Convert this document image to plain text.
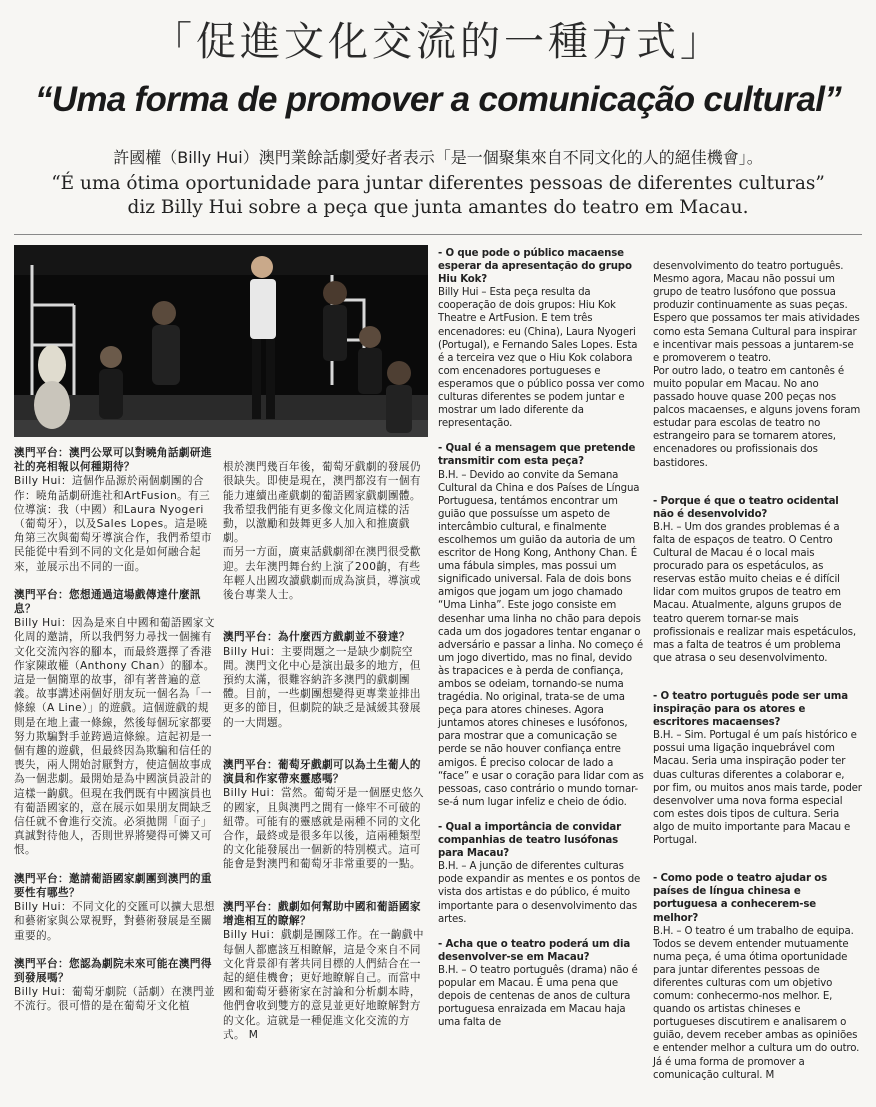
「促進文化交流的一種方式」
“Uma forma de promover a comunicação cultural”
許國權（Billy Hui）澳門業餘話劇愛好者表示「是一個聚集來自不同文化的人的絕佳機會」。
“É uma ótima oportunidade para juntar diferentes pessoas de diferentes culturas”
diz Billy Hui sobre a peça que junta amantes do teatro em Macau.

澳門平台：澳門公眾可以對曉角話劇研進社的亮相報以何種期待？
Billy Hui：這個作品源於兩個劇團的合作：曉角話劇研進社和ArtFusion。有三位導演：我（中國）和Laura Nyogeri（葡萄牙），以及Sales Lopes。這是曉角第三次與葡萄牙導演合作，我們希望市民能從中看到不同的文化是如何融合起來，並展示出不同的一面。

澳門平台：您想通過這場戲傳達什麼訊息？
Billy Hui：因為是來自中國和葡語國家文化周的邀請，所以我們努力尋找一個擁有文化交流內容的腳本，而最終選擇了香港作家陳敢權（Anthony Chan）的腳本。這是一個簡單的故事，卻有著普遍的意義。故事講述兩個好朋友玩一個名為「一條線（A Line）」的遊戲。這個遊戲的規則是在地上畫一條線，然後每個玩家都要努力欺騙對手並跨過這條線。這起初是一個有趣的遊戲，但最終因為欺騙和信任的喪失，兩人開始討厭對方，使這個故事成為一個悲劇。最開始是為中國演員設計的這樣一齣戲。但現在我們既有中國演員也有葡語國家的，意在展示如果朋友間缺乏信任就不會進行交流。必須拋開「面子」真誠對待他人，否則世界將變得可憐又可恨。

澳門平台：邀請葡語國家劇團到澳門的重要性有哪些？
Billy Hui：不同文化的交匯可以擴大思想和藝術家與公眾視野，對藝術發展是至關重要的。

澳門平台：您認為劇院未來可能在澳門得到發展嗎？
Billy Hui：葡萄牙劇院（話劇）在澳門並不流行。很可惜的是在葡萄牙文化植

根於澳門幾百年後，葡萄牙戲劇的發展仍很缺失。即使是現在，澳門都沒有一個有能力連續出產戲劇的葡語國家戲劇團體。我希望我們能有更多像文化周這樣的活動，以激勵和鼓舞更多人加入和推廣戲劇。
而另一方面，廣東話戲劇卻在澳門很受歡迎。去年澳門舞台約上演了200齣，有些年輕人出國攻讀戲劇而成為演員，導演或後台專業人士。

澳門平台：為什麼西方戲劇並不發達？
Billy Hui：主要問題之一是缺少劇院空間。澳門文化中心是演出最多的地方，但預約太滿，很難容納許多澳門的戲劇團體。目前，一些劇團想變得更專業並排出更多的節目，但劇院的缺乏是減緩其發展的一大問題。

澳門平台：葡萄牙戲劇可以為土生葡人的演員和作家帶來靈感嗎？
Billy Hui：當然。葡萄牙是一個歷史悠久的國家，且與澳門之間有一條牢不可破的紐帶。可能有的靈感就是兩種不同的文化合作，最終或是很多年以後，這兩種類型的文化能發展出一個新的特別模式。這可能會是對澳門和葡萄牙非常重要的一點。

澳門平台：戲劇如何幫助中國和葡語國家增進相互的瞭解？
Billy Hui：戲劇是團隊工作。在一齣戲中每個人都應該互相瞭解，這是令來自不同文化背景卻有著共同目標的人們結合在一起的絕佳機會；更好地瞭解自己。而當中國和葡萄牙藝術家在討論和分析劇本時，他們會收到雙方的意見並更好地瞭解對方的文化。這就是一種促進文化交流的方式。 M

- O que pode o público macaense esperar da apresentação do grupo Hiu Kok?
Billy Hui – Esta peça resulta da cooperação de dois grupos: Hiu Kok Theatre e ArtFusion. E tem três encenadores: eu (China), Laura Nyogeri (Portugal), e Fernando Sales Lopes. Esta é a terceira vez que o Hiu Kok colabora com encenadores portugueses e esperamos que o público possa ver como culturas diferentes se podem juntar e mostrar um lado diferente da representação.

- Qual é a mensagem que pretende transmitir com esta peça?
B.H. – Devido ao convite da Semana Cultural da China e dos Países de Língua Portuguesa, tentámos encontrar um guião que possuísse um aspeto de intercâmbio cultural, e finalmente escolhemos um guião da autoria de um escritor de Hong Kong, Anthony Chan. É uma fábula simples, mas possui um significado universal. Fala de dois bons amigos que jogam um jogo chamado “Uma Linha”. Este jogo consiste em desenhar uma linha no chão para depois cada um dos jogadores tentar enganar o adversário e passar a linha. No começo é um jogo divertido, mas no final, devido às trapacices e à perda de confiança, ambos se odeiam, tornando-se numa tragédia. No original, trata-se de uma peça para atores chineses. Agora juntamos atores chineses e lusófonos, para mostrar que a comunicação se perde se não houver confiança entre amigos. É preciso colocar de lado a “face” e usar o coração para lidar com as pessoas, caso contrário o mundo tornar-se-á num lugar infeliz e cheio de ódio.

- Qual a importância de convidar companhias de teatro lusófonas para Macau?
B.H. – A junção de diferentes culturas pode expandir as mentes e os pontos de vista dos artistas e do público, é muito importante para o desenvolvimento das artes.

- Acha que o teatro poderá um dia desenvolver-se em Macau?
B.H. – O teatro português (drama) não é popular em Macau. É uma pena que depois de centenas de anos de cultura portuguesa enraizada em Macau haja uma falta de

desenvolvimento do teatro português. Mesmo agora, Macau não possui um grupo de teatro lusófono que possua produzir continuamente as suas peças. Espero que possamos ter mais atividades como esta Semana Cultural para inspirar e incentivar mais pessoas a juntarem-se e promoverem o teatro.
Por outro lado, o teatro em cantonês é muito popular em Macau. No ano passado houve quase 200 peças nos palcos macaenses, e alguns jovens foram estudar para escolas de teatro no estrangeiro para se tornarem atores, encenadores ou profissionais dos bastidores.

- Porque é que o teatro ocidental não é desenvolvido?
B.H. – Um dos grandes problemas é a falta de espaços de teatro. O Centro Cultural de Macau é o local mais procurado para os espetáculos, as reservas estão muito cheias e é difícil lidar com muitos grupos de teatro em Macau. Atualmente, alguns grupos de teatro querem tornar-se mais profissionais e realizar mais espetáculos, mas a falta de teatros é um problema que atrasa o seu desenvolvimento.

- O teatro português pode ser uma inspiração para os atores e escritores macaenses?
B.H. – Sim. Portugal é um país histórico e possui uma ligação inquebrável com Macau. Seria uma inspiração poder ter duas culturas diferentes a colaborar e, por fim, ou muitos anos mais tarde, poder desenvolver uma nova forma especial com estes dois tipos de cultura. Seria algo de muito importante para Macau e Portugal.

- Como pode o teatro ajudar os países de língua chinesa e portuguesa a conhecerem-se melhor?
B.H. – O teatro é um trabalho de equipa. Todos se devem entender mutuamente numa peça, é uma ótima oportunidade para juntar diferentes pessoas de diferentes culturas com um objetivo comum: conhecermo-nos melhor. E, quando os artistas chineses e portugueses discutirem e analisarem o guião, devem receber ambas as opiniões e entender melhor a cultura um do outro. Já é uma forma de promover a comunicação cultural. M
